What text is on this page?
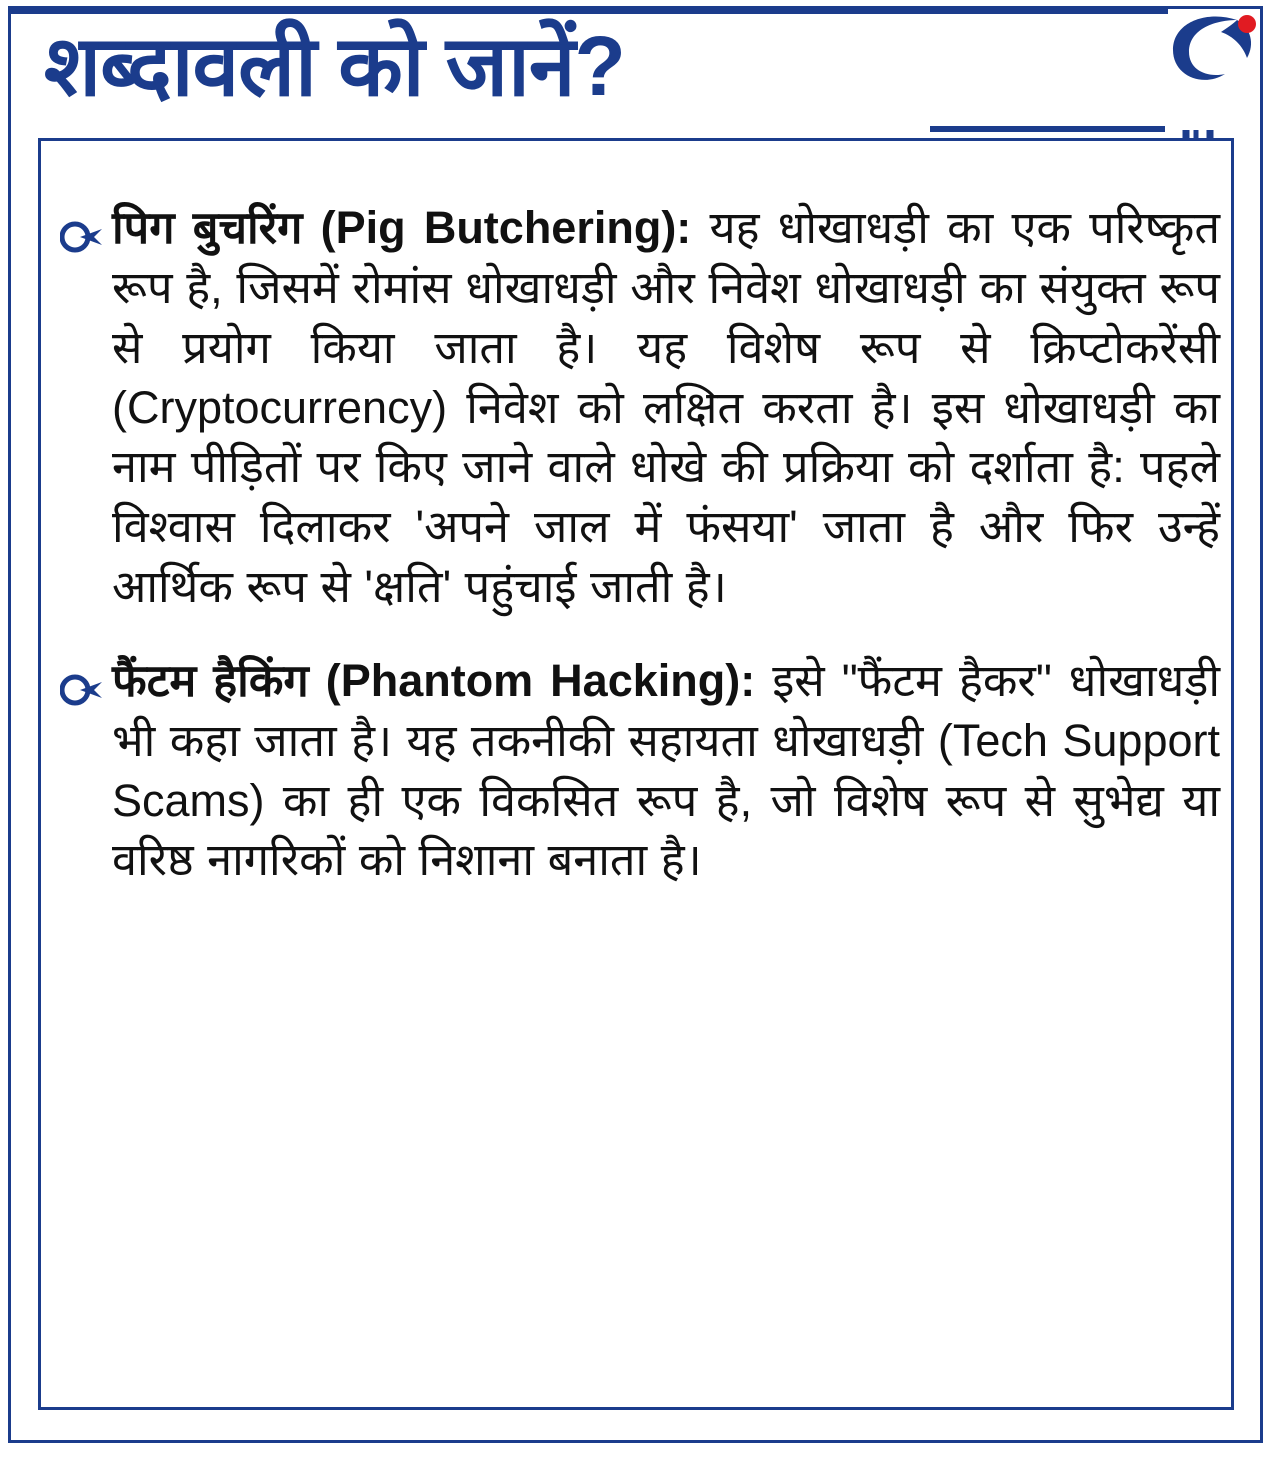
शब्दावली को जानें?
पिग बुचरिंग (Pig Butchering): यह धोखाधड़ी का एक परिष्कृत रूप है, जिसमें रोमांस धोखाधड़ी और निवेश धोखाधड़ी का संयुक्त रूप से प्रयोग किया जाता है। यह विशेष रूप से क्रिप्टोकरेंसी (Cryptocurrency) निवेश को लक्षित करता है। इस धोखाधड़ी का नाम पीड़ितों पर किए जाने वाले धोखे की प्रक्रिया को दर्शाता है: पहले विश्वास दिलाकर 'अपने जाल में फंसया' जाता है और फिर उन्हें आर्थिक रूप से 'क्षति' पहुंचाई जाती है।
फैंटम हैकिंग (Phantom Hacking): इसे "फैंटम हैकर" धोखाधड़ी भी कहा जाता है। यह तकनीकी सहायता धोखाधड़ी (Tech Support Scams) का ही एक विकसित रूप है, जो विशेष रूप से सुभेद्य या वरिष्ठ नागरिकों को निशाना बनाता है।
